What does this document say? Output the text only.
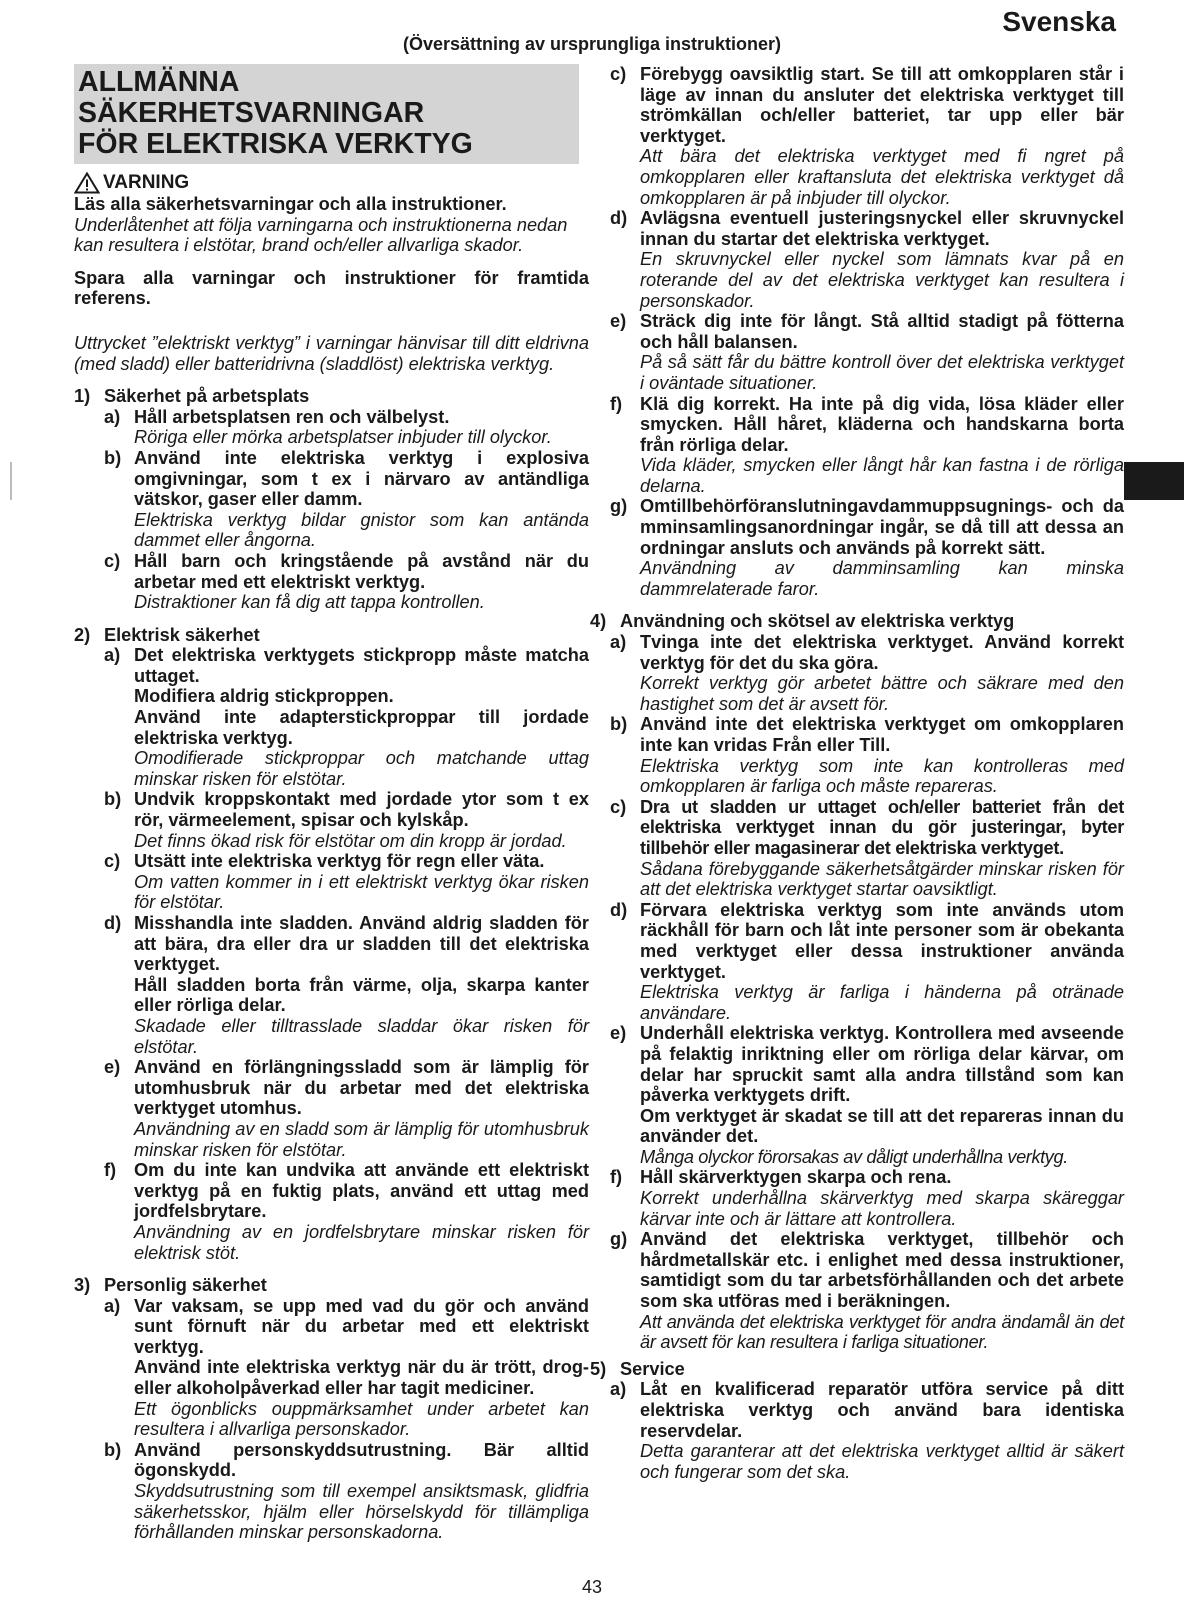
Svenska
(Översättning av ursprungliga instruktioner)
ALLMÄNNA SÄKERHETSVARNINGAR
FÖR ELEKTRISKA VERKTYG
VARNING

Läs alla säkerhetsvarningar och alla instruktioner.

Underlåtenhet att följa varningarna och instruktionerna nedan kan resultera i elstötar, brand och/eller allvarliga skador.

Spara alla varningar och instruktioner för framtida referens.

Uttrycket ”elektriskt verktyg” i varningar hänvisar till ditt eldrivna (med sladd) eller batteridrivna (sladdlöst) elektriska verktyg.

1) Säkerhet på arbetsplats
a) Håll arbetsplatsen ren och välbelyst.

Röriga eller mörka arbetsplatser inbjuder till olyckor.

b) Använd inte elektriska verktyg i explosiva omgivningar, som t ex i närvaro av antändliga vätskor, gaser eller damm.

Elektriska verktyg bildar gnistor som kan antända dammet eller ångorna.

c) Håll barn och kringstående på avstånd när du arbetar med ett elektriskt verktyg.

Distraktioner kan få dig att tappa kontrollen.

2) Elektrisk säkerhet
a) Det elektriska verktygets stickpropp måste matcha uttaget.

Modifiera aldrig stickproppen.

Använd inte adapterstickproppar till jordade elektriska verktyg.

Omodifierade stickproppar och matchande uttag minskar risken för elstötar.

b) Undvik kroppskontakt med jordade ytor som t ex rör, värmeelement, spisar och kylskåp.

Det finns ökad risk för elstötar om din kropp är jordad.

c) Utsätt inte elektriska verktyg för regn eller väta.

Om vatten kommer in i ett elektriskt verktyg ökar risken för elstötar.

d) Misshandla inte sladden. Använd aldrig sladden för att bära, dra eller dra ur sladden till det elektriska verktyget.

Håll sladden borta från värme, olja, skarpa kanter eller rörliga delar.

Skadade eller tilltrasslade sladdar ökar risken för elstötar.

e) Använd en förlängningssladd som är lämplig för utomhusbruk när du arbetar med det elektriska verktyget utomhus.

Användning av en sladd som är lämplig för utomhusbruk minskar risken för elstötar.

f) Om du inte kan undvika att använde ett elektriskt verktyg på en fuktig plats, använd ett uttag med jordfelsbrytare.

Användning av en jordfelsbrytare minskar risken för elektrisk stöt.

3) Personlig säkerhet
a) Var vaksam, se upp med vad du gör och använd sunt förnuft när du arbetar med ett elektriskt verktyg.

Använd inte elektriska verktyg när du är trött, drog- eller alkoholpåverkad eller har tagit mediciner.

Ett ögonblicks ouppmärksamhet under arbetet kan resultera i allvarliga personskador.

b) Använd personskyddsutrustning. Bär alltid ögonskydd.

Skyddsutrustning som till exempel ansiktsmask, glidfria säkerhetsskor, hjälm eller hörselskydd för tillämpliga förhållanden minskar personskadorna.

c) Förebygg oavsiktlig start. Se till att omkopplaren står i läge av innan du ansluter det elektriska verktyget till strömkällan och/eller batteriet, tar upp eller bär verktyget.

Att bära det elektriska verktyget med fi ngret på omkopplaren eller kraftansluta det elektriska verktyget då omkopplaren är på inbjuder till olyckor.

d) Avlägsna eventuell justeringsnyckel eller skruvnyckel innan du startar det elektriska verktyget.

En skruvnyckel eller nyckel som lämnats kvar på en roterande del av det elektriska verktyget kan resultera i personskador.

e) Sträck dig inte för långt. Stå alltid stadigt på fötterna och håll balansen.

På så sätt får du bättre kontroll över det elektriska verktyget i oväntade situationer.

f) Klä dig korrekt. Ha inte på dig vida, lösa kläder eller smycken. Håll håret, kläderna och handskarna borta från rörliga delar.

Vida kläder, smycken eller långt hår kan fastna i de rörliga delarna.

g) Omtillbehörföranslutningavdammuppsugnings- och damminsamlingsanordningar ingår, se då till att dessa anordningar ansluts och används på korrekt sätt.

Användning av damminsamling kan minska dammrelaterade faror.

4) Användning och skötsel av elektriska verktyg
a) Tvinga inte det elektriska verktyget. Använd korrekt verktyg för det du ska göra.

Korrekt verktyg gör arbetet bättre och säkrare med den hastighet som det är avsett för.

b) Använd inte det elektriska verktyget om omkopplaren inte kan vridas Från eller Till.

Elektriska verktyg som inte kan kontrolleras med omkopplaren är farliga och måste repareras.

c) Dra ut sladden ur uttaget och/eller batteriet från det elektriska verktyget innan du gör justeringar, byter tillbehör eller magasinerar det elektriska verktyget.

Sådana förebyggande säkerhetsåtgärder minskar risken för att det elektriska verktyget startar oavsiktligt.

d) Förvara elektriska verktyg som inte används utom räckhåll för barn och låt inte personer som är obekanta med verktyget eller dessa instruktioner använda verktyget.

Elektriska verktyg är farliga i händerna på otränade användare.

e) Underhåll elektriska verktyg. Kontrollera med avseende på felaktig inriktning eller om rörliga delar kärvar, om delar har spruckit samt alla andra tillstånd som kan påverka verktygets drift.

Om verktyget är skadat se till att det repareras innan du använder det.

Många olyckor förorsakas av dåligt underhållna verktyg.

f) Håll skärverktygen skarpa och rena.

Korrekt underhållna skärverktyg med skarpa skäreggar kärvar inte och är lättare att kontrollera.

g) Använd det elektriska verktyget, tillbehör och hårdmetallskär etc. i enlighet med dessa instruktioner, samtidigt som du tar arbetsförhållanden och det arbete som ska utföras med i beräkningen.

Att använda det elektriska verktyget för andra ändamål än det är avsett för kan resultera i farliga situationer.

5) Service
a) Låt en kvalificerad reparatör utföra service på ditt elektriska verktyg och använd bara identiska reservdelar.

Detta garanterar att det elektriska verktyget alltid är säkert och fungerar som det ska.

43
